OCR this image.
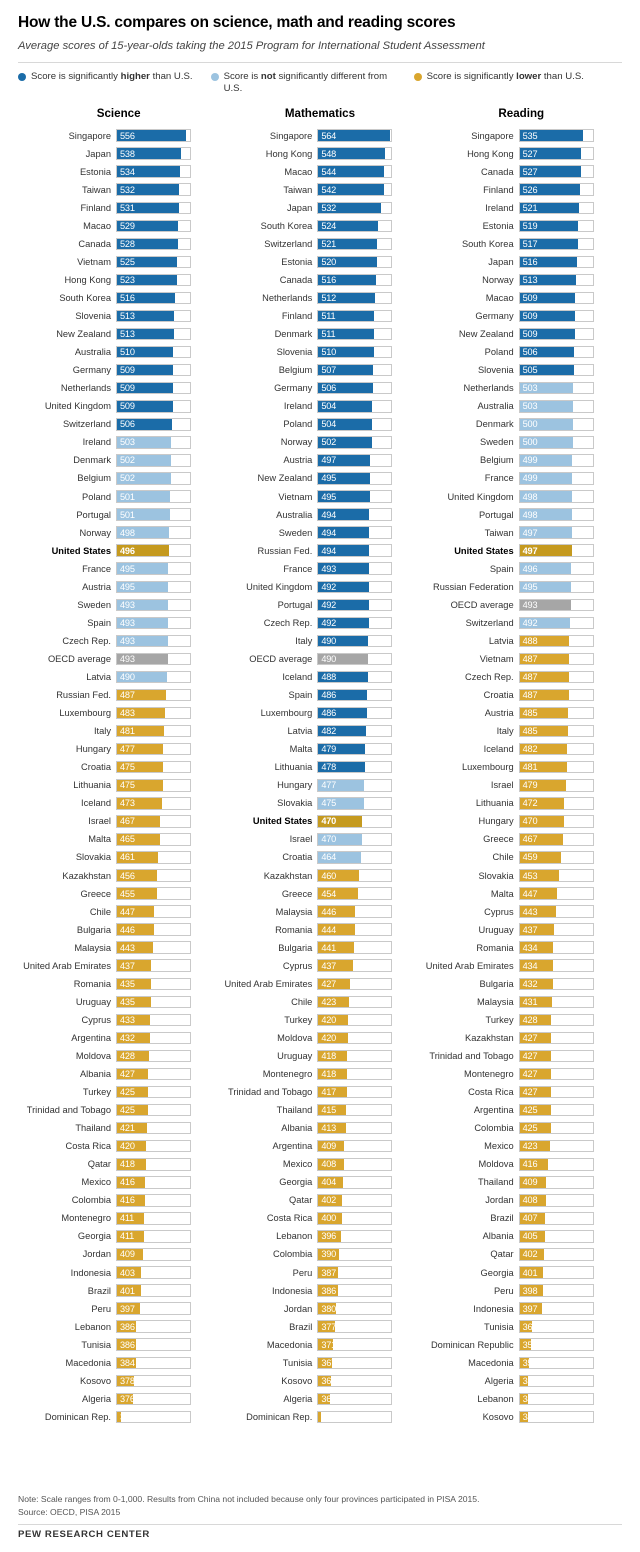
How the U.S. compares on science, math and reading scores
Average scores of 15-year-olds taking the 2015 Program for International Student Assessment
Score is significantly higher than U.S.	Score is not significantly different from U.S.
Score is significantly lower than U.S.
Science
Singapore 556
Japan 538
Estonia 534
Taiwan 532
Finland 531
Macao 529
Canada 528
Vietnam 525
Hong Kong 523
South Korea 516
Slovenia 513
New Zealand 513
Australia 510
Germany 509
Netherlands 509
United Kingdom 509
Switzerland 506
Ireland 503
Denmark 502
Belgium 502
Poland 501
Portugal 501
Norway 498
United States 496
France 495
Austria 495
Sweden 493
Spain 493
Czech Rep. 493
OECD average 493
Latvia 490
Russian Fed. 487
Luxembourg 483
Italy 481
Hungary 477
Croatia 475
Lithuania 475
Iceland 473
Israel 467
Malta 465
Slovakia 461
Kazakhstan 456
Greece 455
Chile 447
Bulgaria 446
Malaysia 443
United Arab Emirates 437
Romania 435
Uruguay 435
Cyprus 433
Argentina 432
Moldova 428
Albania 427
Turkey 425
Trinidad and Tobago 425
Thailand 421
Costa Rica 420
Qatar 418
Mexico 416
Colombia 416
Montenegro 411
Georgia 411
Jordan 409
Indonesia 403
Brazil 401
Peru 397
Lebanon 386
Tunisia 386
Macedonia 384
Kosovo 378
Algeria 376
Dominican Rep. 332
Mathematics
Singapore 564
Hong Kong 548
Macao 544
Taiwan 542
Japan 532
South Korea 524
Switzerland 521
Estonia 520
Canada 516
Netherlands 512
Finland 511
Denmark 511
Slovenia 510
Belgium 507
Germany 506
Ireland 504
Poland 504
Norway 502
Austria 497
New Zealand 495
Vietnam 495
Australia 494
Sweden 494
Russian Fed. 494
France 493
United Kingdom 492
Portugal 492
Czech Rep. 492
Italy 490
OECD average 490
Iceland 488
Spain 486
Luxembourg 486
Latvia 482
Malta 479
Lithuania 478
Hungary 477
Slovakia 475
United States 470
Israel 470
Croatia 464
Kazakhstan 460
Greece 454
Malaysia 446
Romania 444
Bulgaria 441
Cyprus 437
United Arab Emirates 427
Chile 423
Turkey 420
Moldova 420
Uruguay 418
Montenegro 418
Trinidad and Tobago 417
Thailand 415
Albania 413
Argentina 409
Mexico 408
Georgia 404
Qatar 402
Costa Rica 400
Lebanon 396
Colombia 390
Peru 387
Indonesia 386
Jordan 380
Brazil 377
Macedonia 371
Tunisia 367
Kosovo 362
Algeria 360
Dominican Rep. 328
Reading
Singapore 535
Hong Kong 527
Canada 527
Finland 526
Ireland 521
Estonia 519
South Korea 517
Japan 516
Norway 513
Macao 509
Germany 509
New Zealand 509
Poland 506
Slovenia 505
Netherlands 503
Australia 503
Denmark 500
Sweden 500
Belgium 499
France 499
United Kingdom 498
Portugal 498
Taiwan 497
United States 497
Spain 496
Russian Federation 495
OECD average 493
Switzerland 492
Latvia 488
Vietnam 487
Czech Rep. 487
Croatia 487
Austria 485
Italy 485
Iceland 482
Luxembourg 481
Israel 479
Lithuania 472
Hungary 470
Greece 467
Chile 459
Slovakia 453
Malta 447
Cyprus 443
Uruguay 437
Romania 434
United Arab Emirates 434
Bulgaria 432
Malaysia 431
Turkey 428
Kazakhstan 427
Trinidad and Tobago 427
Montenegro 427
Costa Rica 427
Argentina 425
Colombia 425
Mexico 423
Moldova 416
Thailand 409
Jordan 408
Brazil 407
Albania 405
Qatar 402
Georgia 401
Peru 398
Indonesia 397
Tunisia 361
Dominican Republic 358
Macedonia 352
Algeria 350
Lebanon 347
Kosovo 347
Note: Scale ranges from 0-1,000. Results from China not included because only four provinces participated in PISA 2015.
Source: OECD, PISA 2015
PEW RESEARCH CENTER
